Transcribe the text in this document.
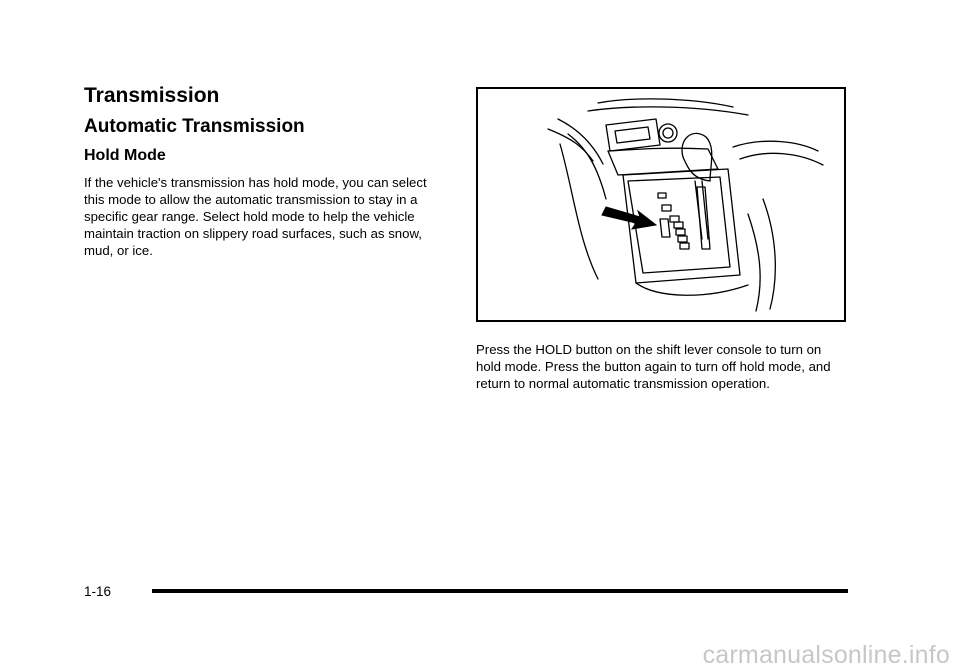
Transmission
Automatic Transmission
Hold Mode

If the vehicle's transmission has hold mode, you can select this mode to allow the automatic transmission to stay in a specific gear range. Select hold mode to help the vehicle maintain traction on slippery road surfaces, such as snow, mud, or ice.

Press the HOLD button on the shift lever console to turn on hold mode. Press the button again to turn off hold mode, and return to normal automatic transmission operation.

1-16
carmanualsonline.info
